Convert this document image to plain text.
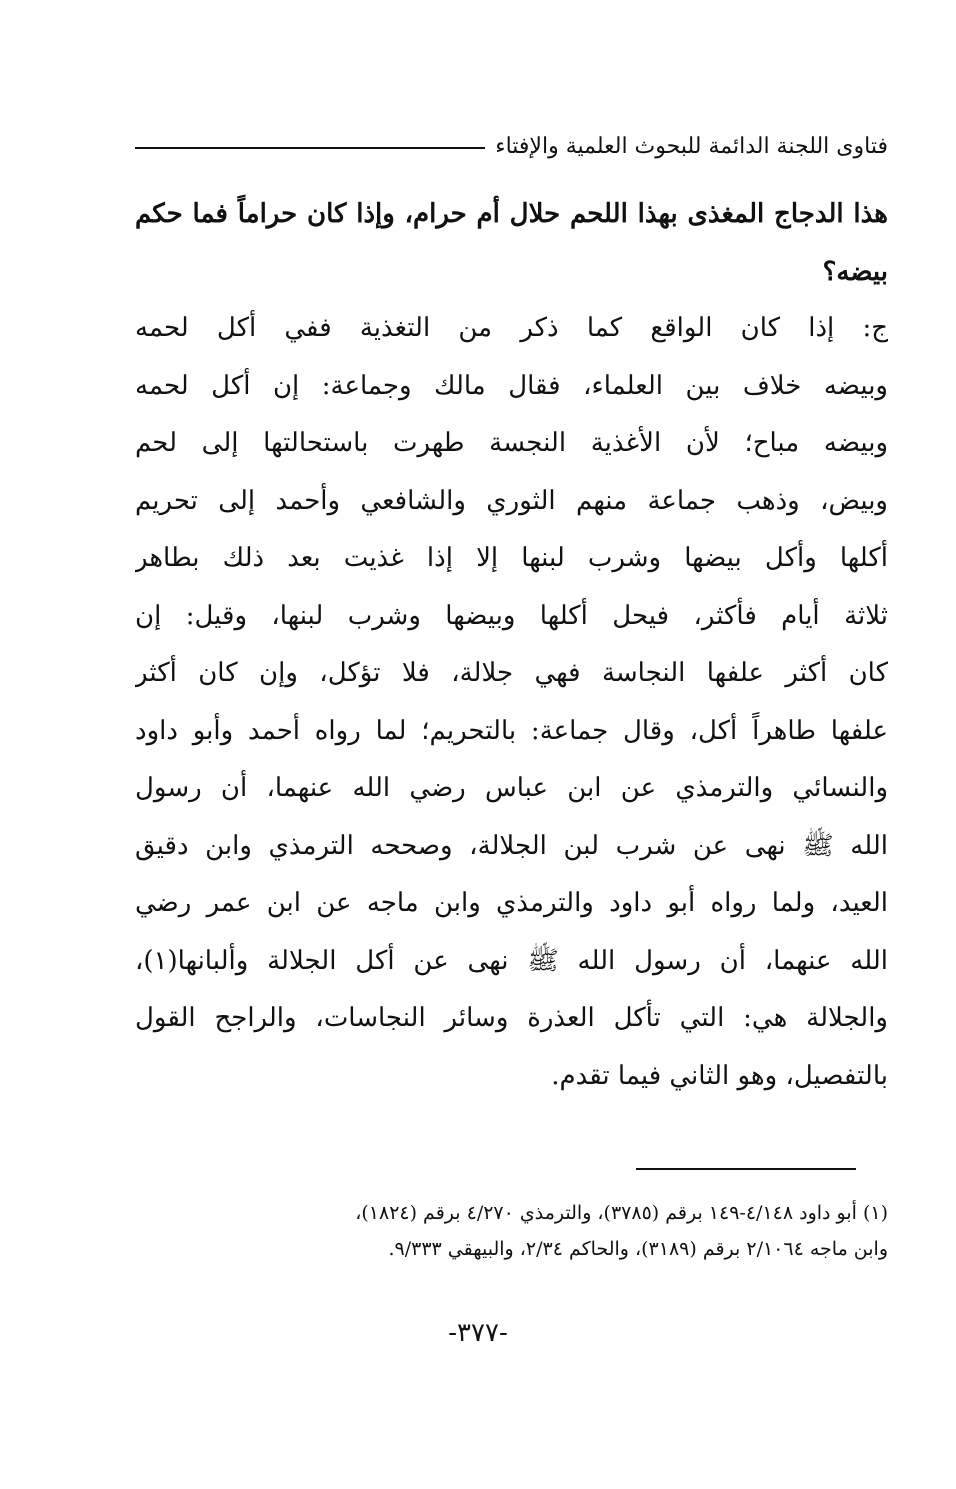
فتاوى اللجنة الدائمة للبحوث العلمية والإفتاء
هذا الدجاج المغذى بهذا اللحم حلال أم حرام، وإذا كان حراماً فما حكم بيضه؟
ج: إذا كان الواقع كما ذكر من التغذية ففي أكل لحمه
وبيضه خلاف بين العلماء، فقال مالك وجماعة: إن أكل لحمه
وبيضه مباح؛ لأن الأغذية النجسة طهرت باستحالتها إلى لحم
وبيض، وذهب جماعة منهم الثوري والشافعي وأحمد إلى تحريم
أكلها وأكل بيضها وشرب لبنها إلا إذا غذيت بعد ذلك بطاهر
ثلاثة أيام فأكثر، فيحل أكلها وبيضها وشرب لبنها، وقيل: إن
كان أكثر علفها النجاسة فهي جلالة، فلا تؤكل، وإن كان أكثر
علفها طاهراً أكل، وقال جماعة: بالتحريم؛ لما رواه أحمد وأبو داود
والنسائي والترمذي عن ابن عباس رضي الله عنهما، أن رسول
الله ﷺ نهى عن شرب لبن الجلالة، وصححه الترمذي وابن دقيق
العيد، ولما رواه أبو داود والترمذي وابن ماجه عن ابن عمر رضي
الله عنهما، أن رسول الله ﷺ نهى عن أكل الجلالة وألبانها(١)،
والجلالة هي: التي تأكل العذرة وسائر النجاسات، والراجح القول
بالتفصيل، وهو الثاني فيما تقدم.
(١) أبو داود ٤/١٤٨-١٤٩ برقم (٣٧٨٥)، والترمذي ٤/٢٧٠ برقم (١٨٢٤)،
وابن ماجه ٢/١٠٦٤ برقم (٣١٨٩)، والحاكم ٢/٣٤، والبيهقي ٩/٣٣٣.
-٣٧٧-
